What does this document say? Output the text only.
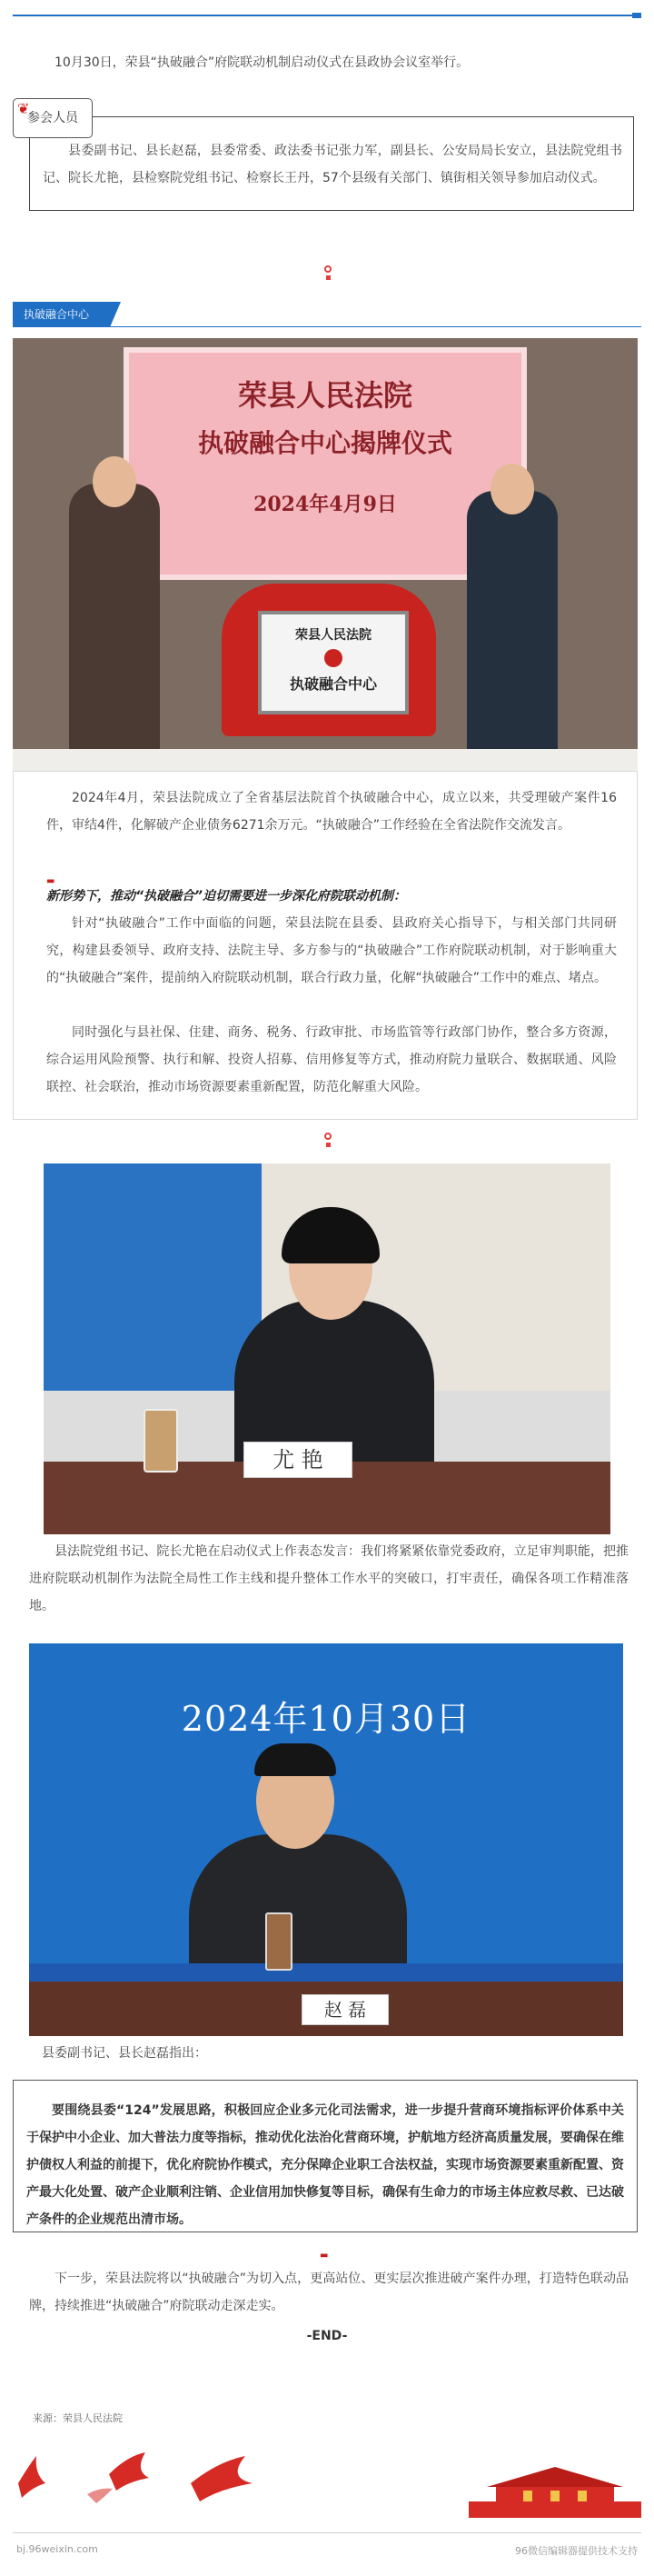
10月30日，荣县“执破融合”府院联动机制启动仪式在县政协会议室举行。

❦
参会人员

县委副书记、县长赵磊，县委常委、政法委书记张力军，副县长、公安局局长安立，县法院党组书记、院长尤艳，县检察院党组书记、检察长王丹，57个县级有关部门、镇街相关领导参加启动仪式。

执破融合中心
荣县人民法院
执破融合中心揭牌仪式
2024年4月9日
荣县人民法院
执破融合中心

2024年4月，荣县法院成立了全省基层法院首个执破融合中心，成立以来，共受理破产案件16件，审结4件，化解破产企业债务6271余万元。“执破融合”工作经验在全省法院作交流发言。

▬
新形势下，推动“执破融合”迫切需要进一步深化府院联动机制：

针对“执破融合”工作中面临的问题，荣县法院在县委、县政府关心指导下，与相关部门共同研究，构建县委领导、政府支持、法院主导、多方参与的“执破融合”工作府院联动机制，对于影响重大的“执破融合”案件，提前纳入府院联动机制，联合行政力量，化解“执破融合”工作中的难点、堵点。

同时强化与县社保、住建、商务、税务、行政审批、市场监管等行政部门协作，整合多方资源，综合运用风险预警、执行和解、投资人招募、信用修复等方式，推动府院力量联合、数据联通、风险联控、社会联治，推动市场资源要素重新配置，防范化解重大风险。

尤 艳

县法院党组书记、院长尤艳在启动仪式上作表态发言：我们将紧紧依靠党委政府，立足审判职能，把推进府院联动机制作为法院全局性工作主线和提升整体工作水平的突破口，打牢责任，确保各项工作精准落地。

2024年10月30日
赵 磊

县委副书记、县长赵磊指出：

要围绕县委“124”发展思路，积极回应企业多元化司法需求，进一步提升营商环境指标评价体系中关于保护中小企业、加大普法力度等指标，推动优化法治化营商环境，护航地方经济高质量发展，要确保在维护债权人利益的前提下，优化府院协作模式，充分保障企业职工合法权益，实现市场资源要素重新配置、资产最大化处置、破产企业顺利注销、企业信用加快修复等目标，确保有生命力的市场主体应救尽救、已达破产条件的企业规范出清市场。

▬

下一步，荣县法院将以“执破融合”为切入点，更高站位、更实层次推进破产案件办理，打造特色联动品牌，持续推进“执破融合”府院联动走深走实。

-END-
来源：荣县人民法院
bj.96weixin.com	96微信编辑器提供技术支持
